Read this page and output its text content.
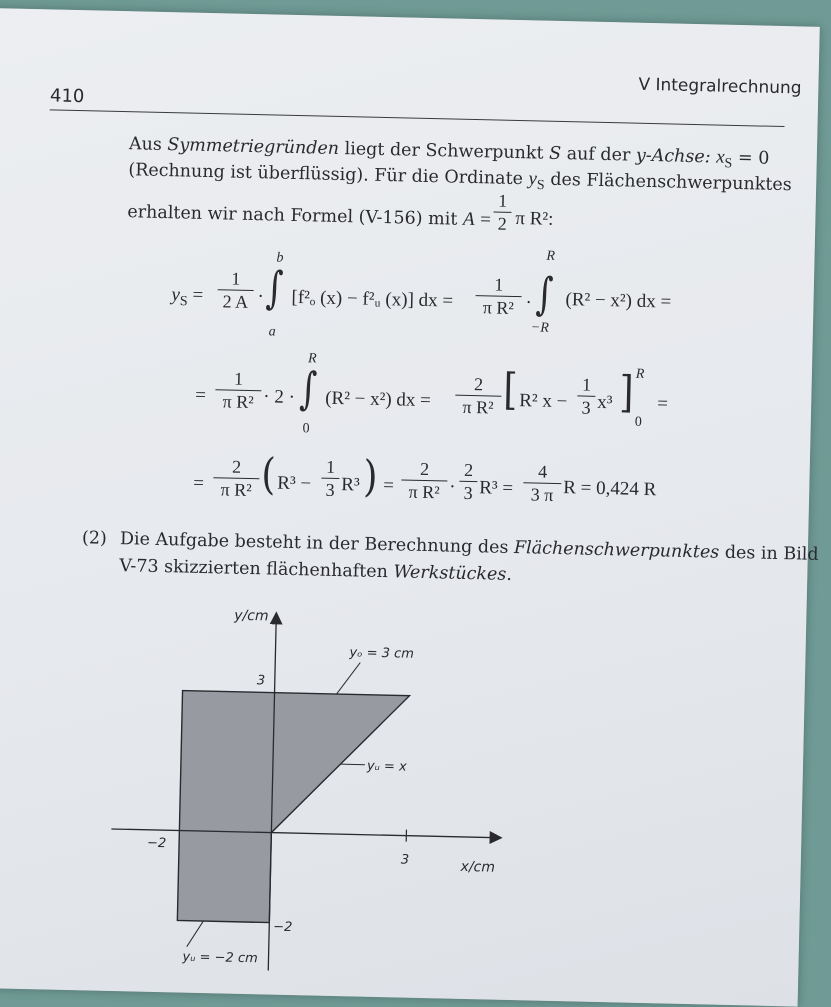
410	V Integralrechnung
Aus Symmetriegründen liegt der Schwerpunkt S auf der y-Achse: $x_S = 0$
(Rechnung ist überflüssig). Für die Ordinate $y_S$ des Flächenschwerpunktes
erhalten wir nach Formel (V-156) mit $A = \frac{1}{2}$ π R²:
$y_S = \frac{1}{2 A}$ ·
b
∫
a
[f²ₒ (x) − f²ᵤ (x)] dx = $\frac{1}{\text{π R²}}$ ·
R
∫
−R
(R² − x²) dx =
= $\frac{1}{\text{π R²}} \cdot 2$ ·
R
∫
0
(R² − x²) dx = $\frac{2}{\text{π R²}}$ [ R² $x - \frac{1}{3} x^3$ ] R
0
=
= $\frac{2}{\text{π R²}}$ ( $R^3 - \frac{1}{3} R^3$ ) = $\frac{2}{\text{π R²}} \cdot \frac{2}{3} R^3 = \frac{4}{3 \pi}$ R = 0,424 R
(2) Die Aufgabe besteht in der Berechnung des Flächenschwerpunktes des in Bild
V-73 skizzierten flächenhaften Werkstückes.
y/cm
x/cm
−2
3
3
−2
yₒ = 3 cm
yᵤ = x
yᵤ = −2 cm
